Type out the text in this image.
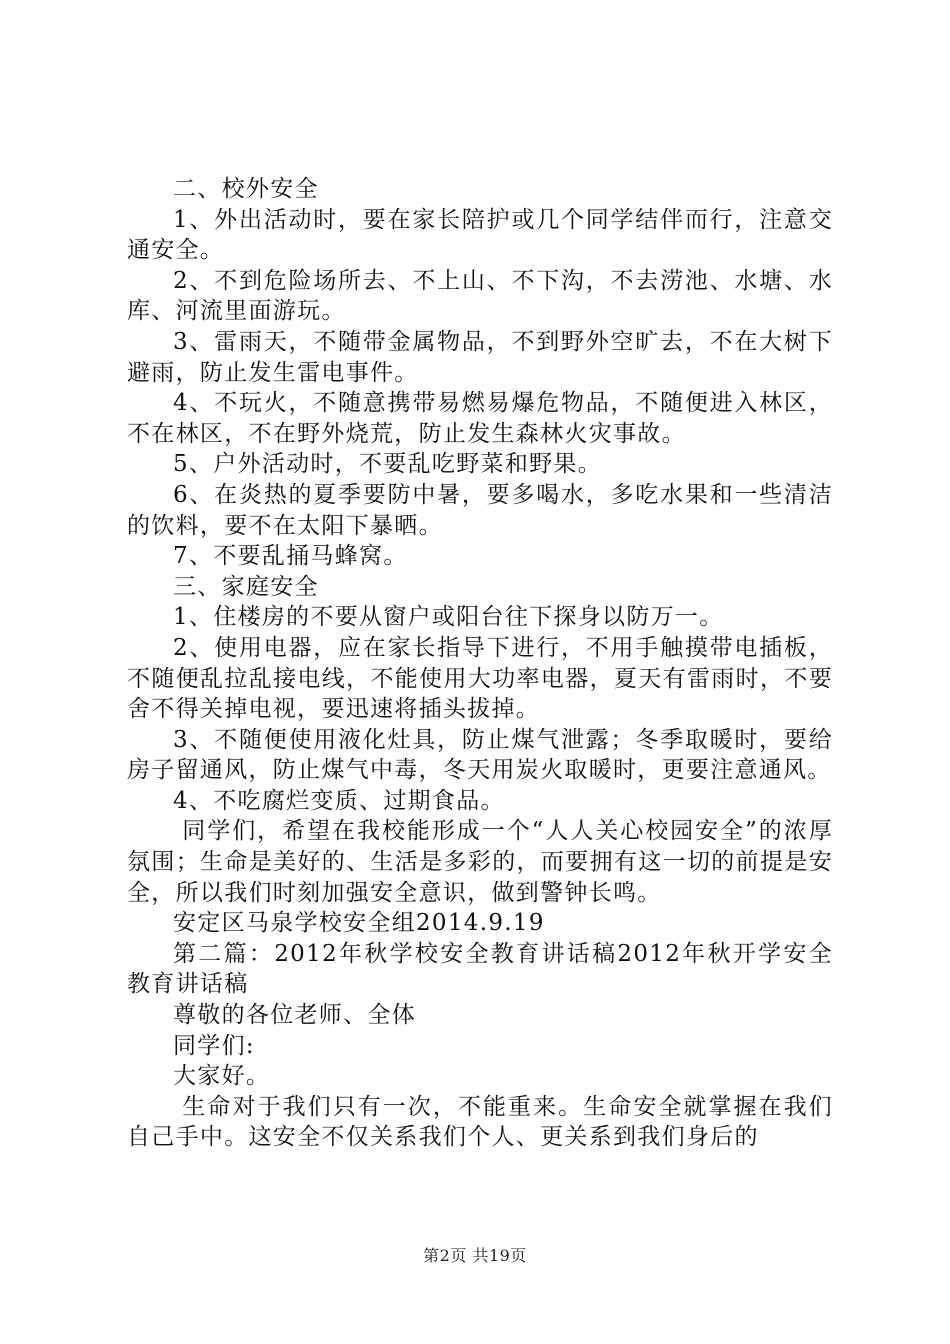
二、校外安全

1、外出活动时，要在家长陪护或几个同学结伴而行，注意交通安全。

2、不到危险场所去、不上山、不下沟，不去涝池、水塘、水库、河流里面游玩。

3、雷雨天，不随带金属物品，不到野外空旷去，不在大树下避雨，防止发生雷电事件。

4、不玩火，不随意携带易燃易爆危物品，不随便进入林区，不在林区，不在野外烧荒，防止发生森林火灾事故。

5、户外活动时，不要乱吃野菜和野果。

6、在炎热的夏季要防中暑，要多喝水，多吃水果和一些清洁的饮料，要不在太阳下暴晒。

7、不要乱捅马蜂窝。

三、家庭安全

1、住楼房的不要从窗户或阳台往下探身以防万一。

2、使用电器，应在家长指导下进行，不用手触摸带电插板，不随便乱拉乱接电线，不能使用大功率电器，夏天有雷雨时，不要舍不得关掉电视，要迅速将插头拔掉。

3、不随便使用液化灶具，防止煤气泄露；冬季取暖时，要给房子留通风，防止煤气中毒，冬天用炭火取暖时，更要注意通风。

4、不吃腐烂变质、过期食品。

同学们，希望在我校能形成一个“人人关心校园安全”的浓厚氛围；生命是美好的、生活是多彩的，而要拥有这一切的前提是安全，所以我们时刻加强安全意识，做到警钟长鸣。

安定区马泉学校安全组2014.9.19

第二篇：2012年秋学校安全教育讲话稿2012年秋开学安全教育讲话稿

尊敬的各位老师、全体

同学们:

大家好。

生命对于我们只有一次，不能重来。生命安全就掌握在我们自己手中。这安全不仅关系我们个人、更关系到我们身后的

第2页 共19页
